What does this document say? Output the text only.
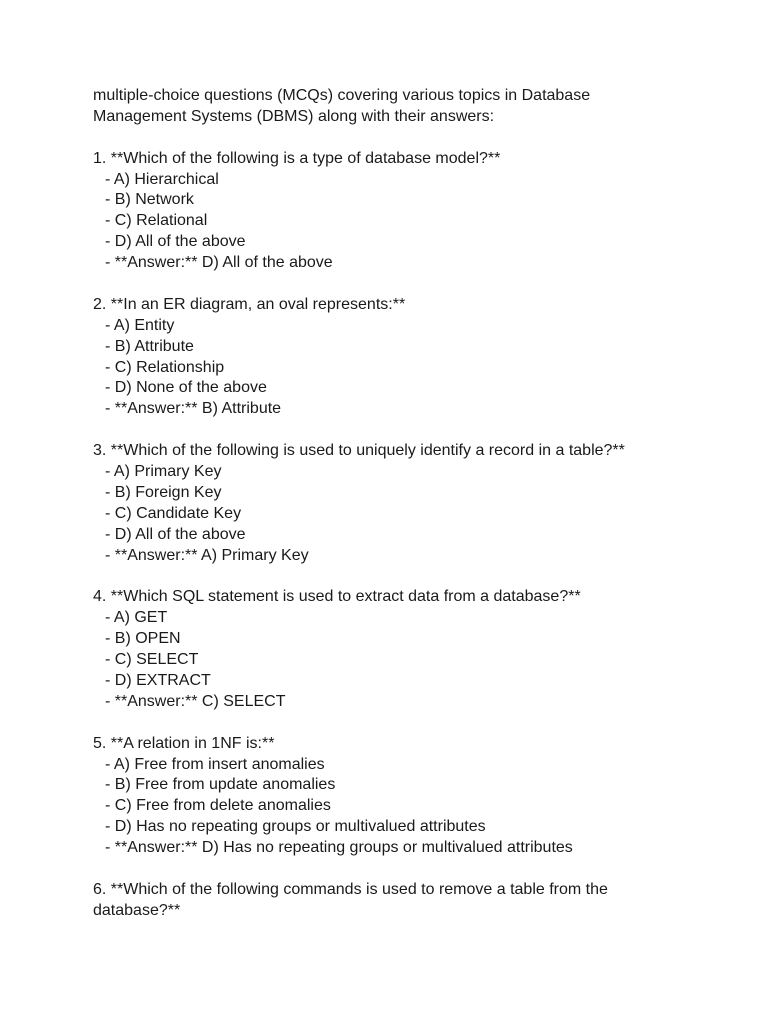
multiple-choice questions (MCQs) covering various topics in Database
Management Systems (DBMS) along with their answers:
1. **Which of the following is a type of database model?**
- A) Hierarchical
- B) Network
- C) Relational
- D) All of the above
- **Answer:** D) All of the above
2. **In an ER diagram, an oval represents:**
- A) Entity
- B) Attribute
- C) Relationship
- D) None of the above
- **Answer:** B) Attribute
3. **Which of the following is used to uniquely identify a record in a table?**
- A) Primary Key
- B) Foreign Key
- C) Candidate Key
- D) All of the above
- **Answer:** A) Primary Key
4. **Which SQL statement is used to extract data from a database?**
- A) GET
- B) OPEN
- C) SELECT
- D) EXTRACT
- **Answer:** C) SELECT
5. **A relation in 1NF is:**
- A) Free from insert anomalies
- B) Free from update anomalies
- C) Free from delete anomalies
- D) Has no repeating groups or multivalued attributes
- **Answer:** D) Has no repeating groups or multivalued attributes
6. **Which of the following commands is used to remove a table from the
database?**
